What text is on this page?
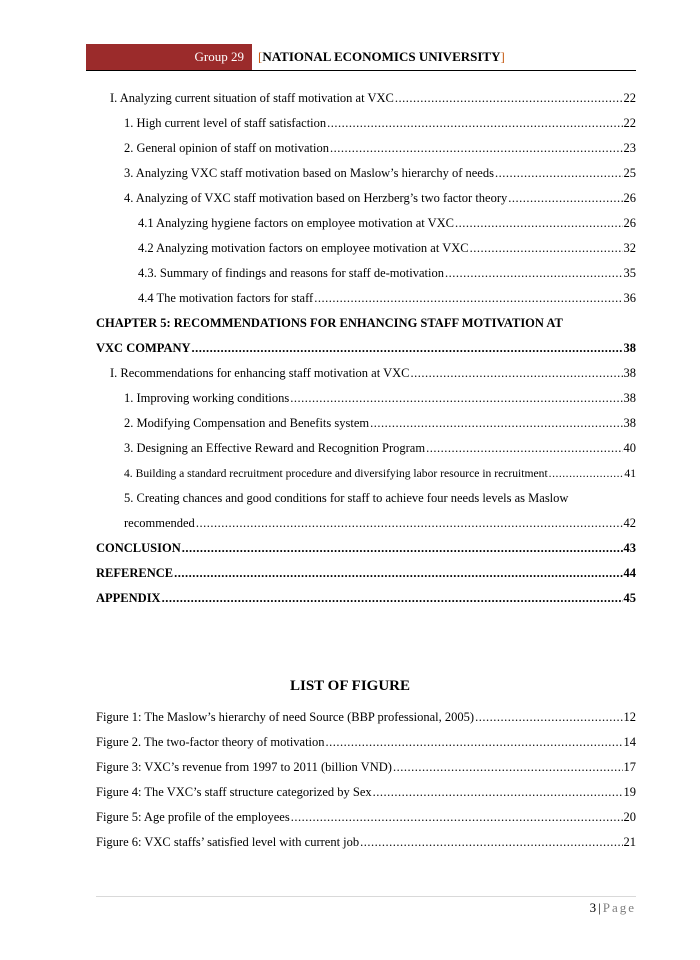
Group 29	[NATIONAL ECONOMICS UNIVERSITY]
I. Analyzing current situation of staff motivation at VXC .....	22
1. High current level of staff satisfaction .....	22
2. General opinion of staff on motivation .....	23
3. Analyzing VXC staff motivation based on Maslow’s hierarchy of needs .....	25
4. Analyzing of VXC staff motivation based on Herzberg’s two factor theory .....	26
4.1 Analyzing hygiene factors on employee motivation at VXC .....	26
4.2 Analyzing motivation factors on employee motivation at VXC .....	32
4.3. Summary of findings and reasons for staff de-motivation .....	35
4.4 The motivation factors for staff .....	36
CHAPTER 5: RECOMMENDATIONS FOR ENHANCING STAFF MOTIVATION AT
VXC COMPANY .....	38
I. Recommendations for enhancing staff motivation at VXC .....	38
1. Improving working conditions .....	38
2. Modifying Compensation and Benefits system .....	38
3. Designing an Effective Reward and Recognition Program .....	40
4. Building a standard recruitment procedure and diversifying labor resource in recruitment .....	41
5. Creating chances and good conditions for staff to achieve four needs levels as Maslow
recommended .....	42
CONCLUSION .....	43
REFERENCE .....	44
APPENDIX .....	45
LIST OF FIGURE
Figure 1: The Maslow’s hierarchy of need Source (BBP professional, 2005) .....	12
Figure 2. The two-factor theory of motivation .....	14
Figure 3: VXC’s revenue from 1997 to 2011 (billion VND) .....	17
Figure 4: The VXC’s staff structure categorized by Sex .....	19
Figure 5: Age profile of the employees .....	20
Figure 6: VXC staffs’ satisfied level with current job .....	21
3 | Page
